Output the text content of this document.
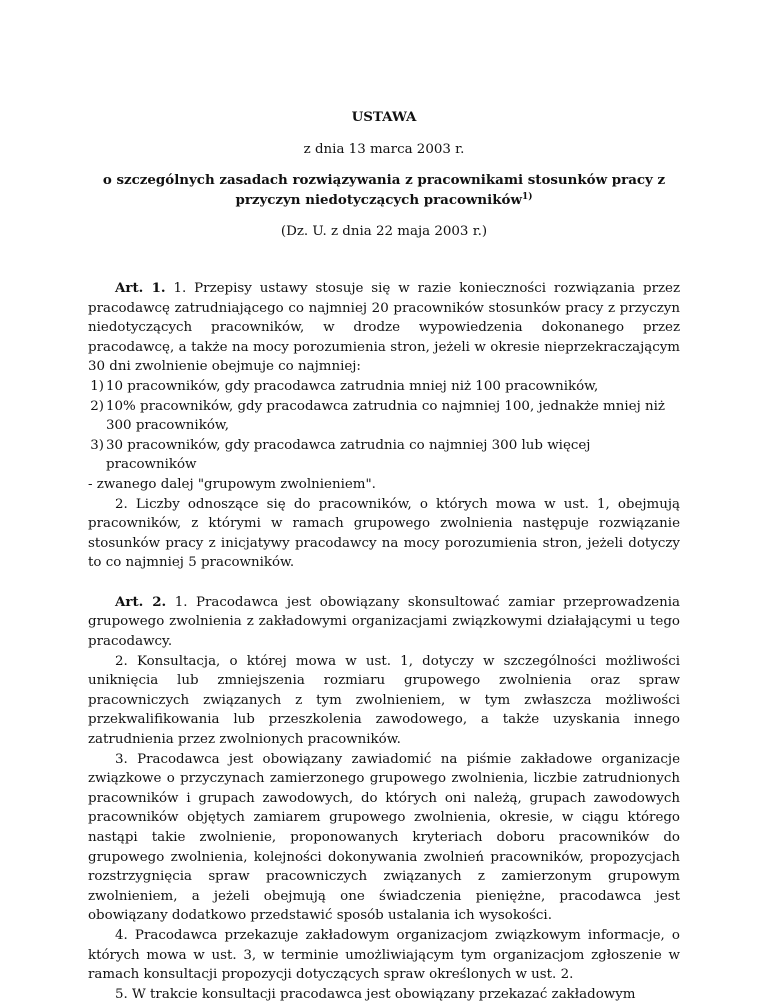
USTAWA

z dnia 13 marca 2003 r.

o szczególnych zasadach rozwiązywania z pracownikami stosunków pracy z przyczyn niedotyczących pracowników$^{1)}$

(Dz. U. z dnia 22 maja 2003 r.)

Art. 1. 1. Przepisy ustawy stosuje się w razie konieczności rozwiązania przez pracodawcę zatrudniającego co najmniej 20 pracowników stosunków pracy z przyczyn niedotyczących pracowników, w drodze wypowiedzenia dokonanego przez pracodawcę, a także na mocy porozumienia stron, jeżeli w okresie nieprzekraczającym 30 dni zwolnienie obejmuje co najmniej:

1) 10 pracowników, gdy pracodawca zatrudnia mniej niż 100 pracowników,
2) 10% pracowników, gdy pracodawca zatrudnia co najmniej 100, jednakże mniej niż 300 pracowników,
3) 30 pracowników, gdy pracodawca zatrudnia co najmniej 300 lub więcej pracowników

- zwanego dalej "grupowym zwolnieniem".

2. Liczby odnoszące się do pracowników, o których mowa w ust. 1, obejmują pracowników, z którymi w ramach grupowego zwolnienia następuje rozwiązanie stosunków pracy z inicjatywy pracodawcy na mocy porozumienia stron, jeżeli dotyczy to co najmniej 5 pracowników.

Art. 2. 1. Pracodawca jest obowiązany skonsultować zamiar przeprowadzenia grupowego zwolnienia z zakładowymi organizacjami związkowymi działającymi u tego pracodawcy.

2. Konsultacja, o której mowa w ust. 1, dotyczy w szczególności możliwości uniknięcia lub zmniejszenia rozmiaru grupowego zwolnienia oraz spraw pracowniczych związanych z tym zwolnieniem, w tym zwłaszcza możliwości przekwalifikowania lub przeszkolenia zawodowego, a także uzyskania innego zatrudnienia przez zwolnionych pracowników.

3. Pracodawca jest obowiązany zawiadomić na piśmie zakładowe organizacje związkowe o przyczynach zamierzonego grupowego zwolnienia, liczbie zatrudnionych pracowników i grupach zawodowych, do których oni należą, grupach zawodowych pracowników objętych zamiarem grupowego zwolnienia, okresie, w ciągu którego nastąpi takie zwolnienie, proponowanych kryteriach doboru pracowników do grupowego zwolnienia, kolejności dokonywania zwolnień pracowników, propozycjach rozstrzygnięcia spraw pracowniczych związanych z zamierzonym grupowym zwolnieniem, a jeżeli obejmują one świadczenia pieniężne, pracodawca jest obowiązany dodatkowo przedstawić sposób ustalania ich wysokości.

4. Pracodawca przekazuje zakładowym organizacjom związkowym informacje, o których mowa w ust. 3, w terminie umożliwiającym tym organizacjom zgłoszenie w ramach konsultacji propozycji dotyczących spraw określonych w ust. 2.

5. W trakcie konsultacji pracodawca jest obowiązany przekazać zakładowym
